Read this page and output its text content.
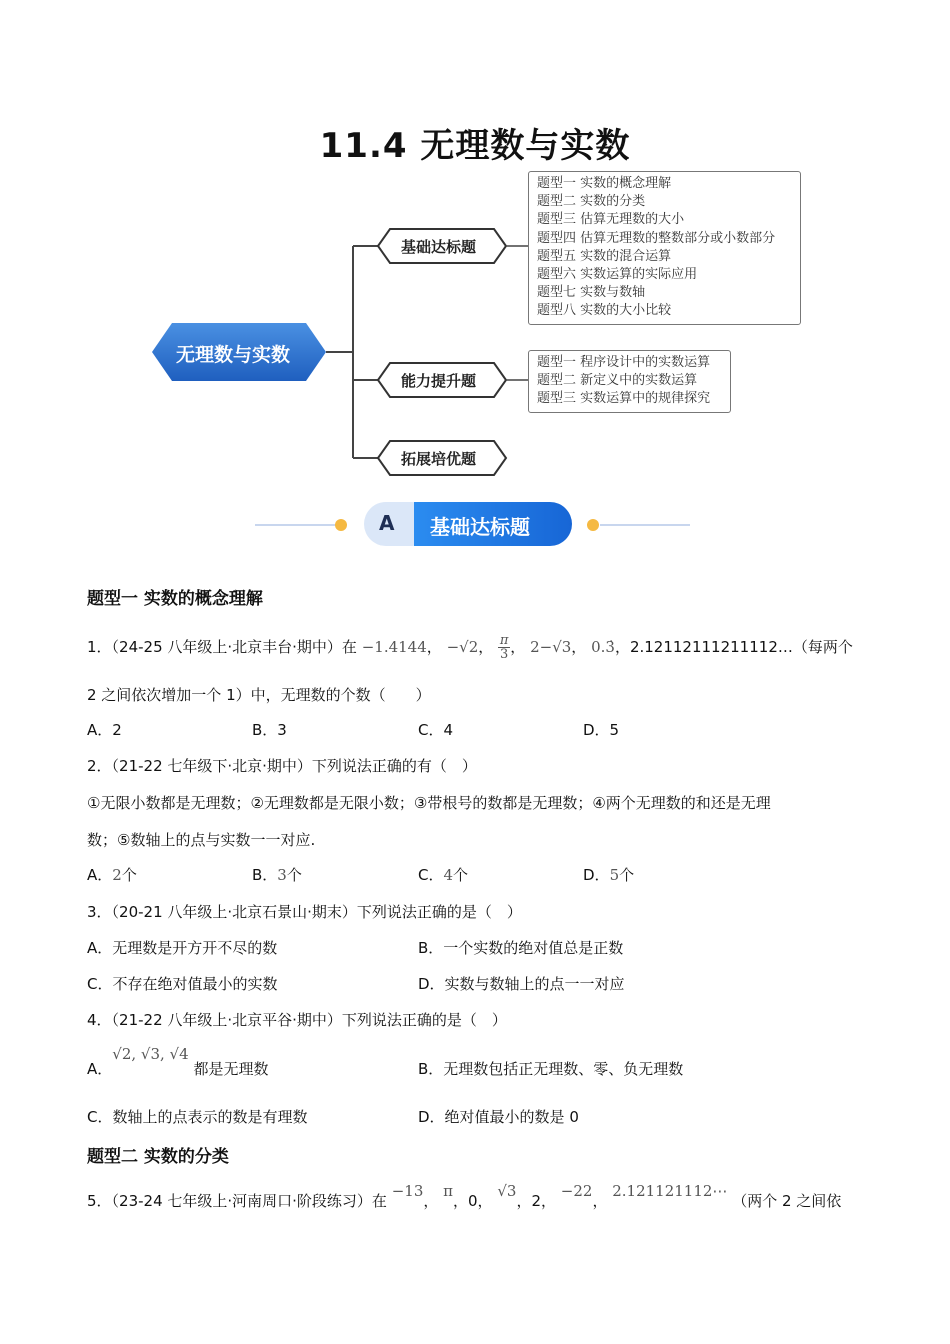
11.4 无理数与实数
无理数与实数
基础达标题
能力提升题
拓展培优题
题型一 实数的概念理解
题型二 实数的分类
题型三 估算无理数的大小
题型四 估算无理数的整数部分或小数部分
题型五 实数的混合运算
题型六 实数运算的实际应用
题型七 实数与数轴
题型八 实数的大小比较
题型一 程序设计中的实数运算
题型二 新定义中的实数运算
题型三 实数运算中的规律探究
A 基础达标题
题型一 实数的概念理解
1．（24-25 八年级上·北京丰台·期中）在 −1.4144， −√2， $\frac{\pi}{3}$ ， 2−√3， 0.3̇，2.12112111211112…（每两个
2 之间依次增加一个 1）中，无理数的个数（　　）
A．2	B．3	C．4	D．5
2．（21-22 七年级下·北京·期中）下列说法正确的有（　）
①无限小数都是无理数；②无理数都是无限小数；③带根号的数都是无理数；④两个无理数的和还是无理
数；⑤数轴上的点与实数一一对应.
A．2个	B．3个	C．4个	D．5个
3．（20-21 八年级上·北京石景山·期末）下列说法正确的是（　）
A．无理数是开方开不尽的数	B．一个实数的绝对值总是正数
C．不存在绝对值最小的实数	D．实数与数轴上的点一一对应
4．（21-22 八年级上·北京平谷·期中）下列说法正确的是（　）
A．√2, √3, √4 都是无理数	B．无理数包括正无理数、零、负无理数
C．数轴上的点表示的数是有理数	D．绝对值最小的数是 0
题型二 实数的分类
5．（23-24 七年级上·河南周口·阶段练习）在 −13， π，0， √3，2， −22， 2.121121112⋯ （两个 2 之间依
